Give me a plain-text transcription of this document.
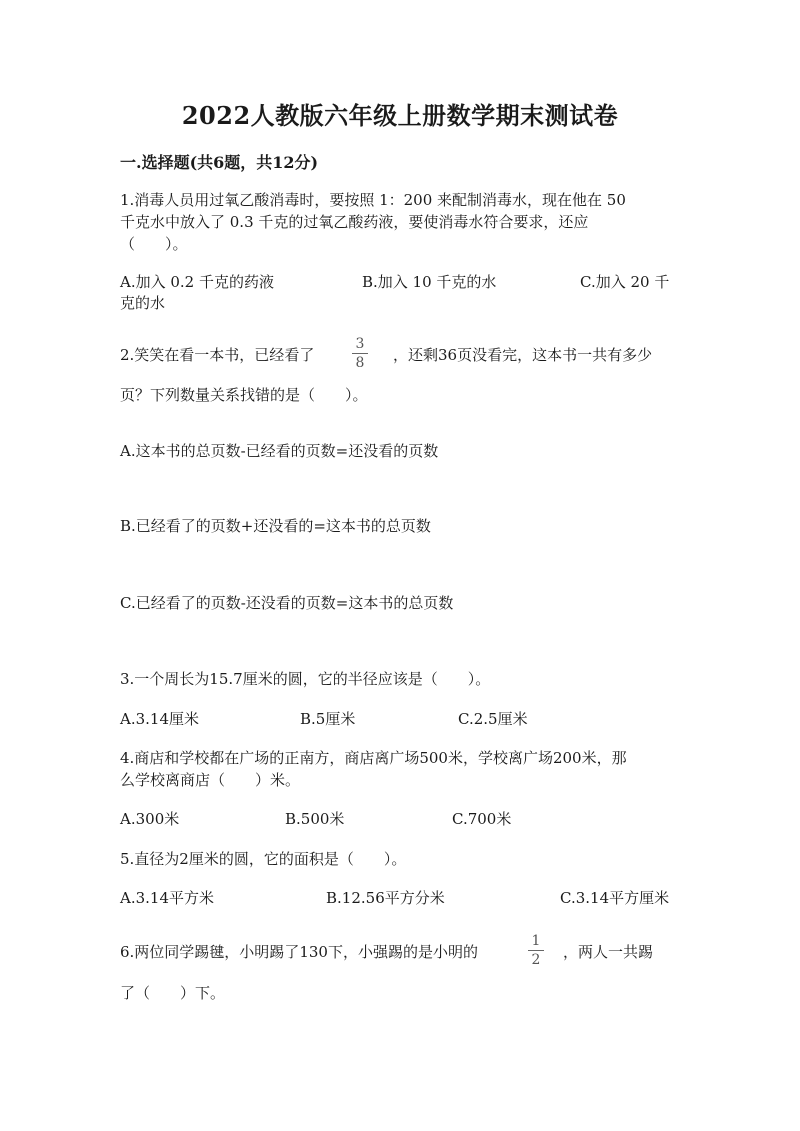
2022人教版六年级上册数学期末测试卷
一.选择题(共6题，共12分)
1.消毒人员用过氧乙酸消毒时，要按照 1：200 来配制消毒水，现在他在 50
千克水中放入了 0.3 千克的过氧乙酸药液，要使消毒水符合要求，还应
（　　）。
A.加入 0.2 千克的药液	B.加入 10 千克的水	C.加入 20 千
克的水
2.笑笑在看一本书，已经看了
3
8 ，还剩36页没看完，这本书一共有多少
页？下列数量关系找错的是（　　）。
A.这本书的总页数-已经看的页数=还没看的页数
B.已经看了的页数+还没看的=这本书的总页数
C.已经看了的页数-还没看的页数=这本书的总页数
3.一个周长为15.7厘米的圆，它的半径应该是（　　）。
A.3.14厘米	B.5厘米	C.2.5厘米
4.商店和学校都在广场的正南方，商店离广场500米，学校离广场200米，那
么学校离商店（　　）米。
A.300米	B.500米	C.700米
5.直径为2厘米的圆，它的面积是（　　）。
A.3.14平方米	B.12.56平方分米	C.3.14平方厘米
6.两位同学踢毽，小明踢了130下，小强踢的是小明的
1
2 ，两人一共踢
了（　　）下。
